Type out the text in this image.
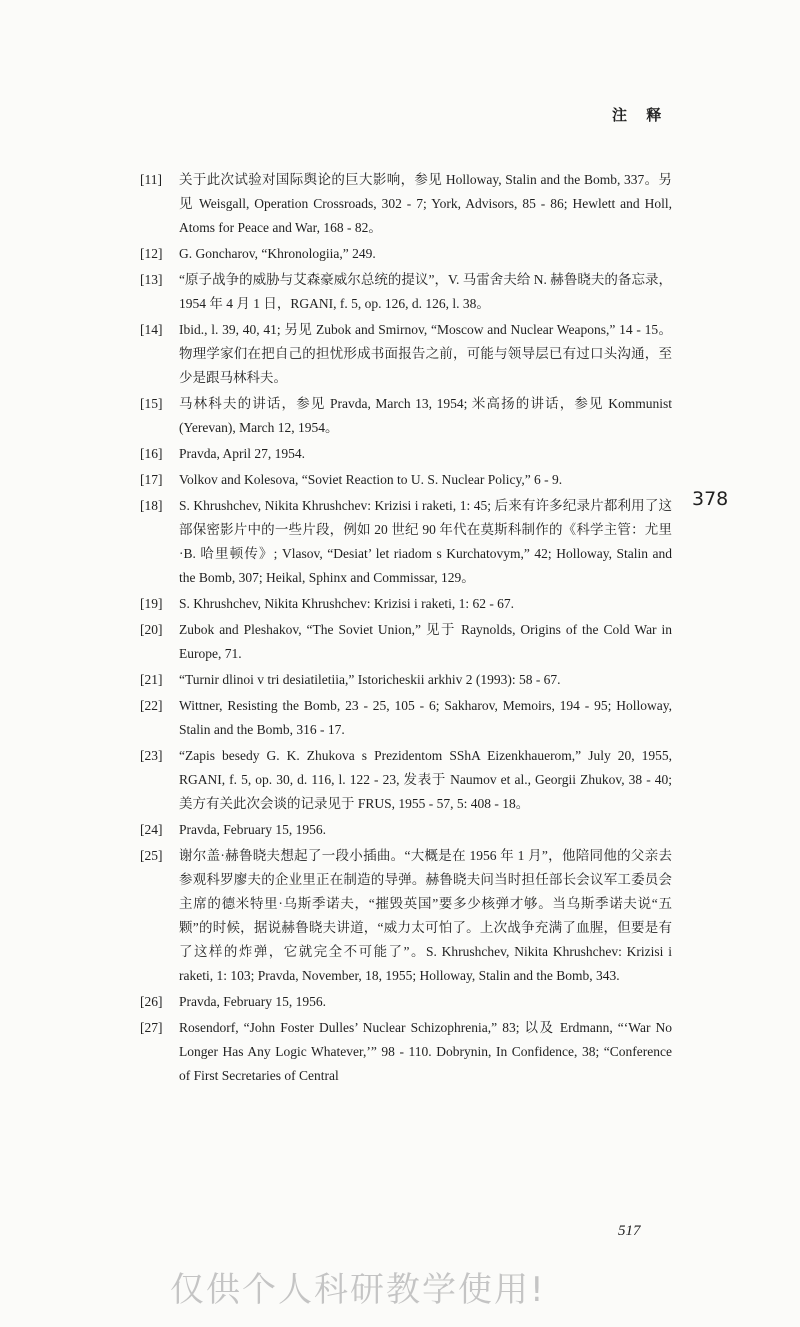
注 释
[11]	关于此次试验对国际舆论的巨大影响，参见 Holloway, Stalin and the Bomb, 337。另见 Weisgall, Operation Crossroads, 302 - 7; York, Advisors, 85 - 86; Hewlett and Holl, Atoms for Peace and War, 168 - 82。
[12]	G. Goncharov, “Khronologiia,” 249.
[13]	“原子战争的威胁与艾森豪威尔总统的提议”，V. 马雷舍夫给 N. 赫鲁晓夫的备忘录，1954 年 4 月 1 日，RGANI, f. 5, op. 126, d. 126, l. 38。
[14]	Ibid., l. 39, 40, 41; 另见 Zubok and Smirnov, “Moscow and Nuclear Weapons,” 14 - 15。物理学家们在把自己的担忧形成书面报告之前，可能与领导层已有过口头沟通，至少是跟马林科夫。
[15]	马林科夫的讲话，参见 Pravda, March 13, 1954; 米高扬的讲话，参见 Kommunist (Yerevan), March 12, 1954。
[16]	Pravda, April 27, 1954.
[17]	Volkov and Kolesova, “Soviet Reaction to U. S. Nuclear Policy,” 6 - 9.
[18]	S. Khrushchev, Nikita Khrushchev: Krizisi i raketi, 1: 45; 后来有许多纪录片都利用了这部保密影片中的一些片段，例如 20 世纪 90 年代在莫斯科制作的《科学主管：尤里·B. 哈里顿传》; Vlasov, “Desiat’ let riadom s Kurchatovym,” 42; Holloway, Stalin and the Bomb, 307; Heikal, Sphinx and Commissar, 129。
[19]	S. Khrushchev, Nikita Khrushchev: Krizisi i raketi, 1: 62 - 67.
[20]	Zubok and Pleshakov, “The Soviet Union,” 见于 Raynolds, Origins of the Cold War in Europe, 71.
[21]	“Turnir dlinoi v tri desiatiletiia,” Istoricheskii arkhiv 2 (1993): 58 - 67.
[22]	Wittner, Resisting the Bomb, 23 - 25, 105 - 6; Sakharov, Memoirs, 194 - 95; Holloway, Stalin and the Bomb, 316 - 17.
[23]	“Zapis besedy G. K. Zhukova s Prezidentom SShA Eizenkhauerom,” July 20, 1955, RGANI, f. 5, op. 30, d. 116, l. 122 - 23, 发表于 Naumov et al., Georgii Zhukov, 38 - 40; 美方有关此次会谈的记录见于 FRUS, 1955 - 57, 5: 408 - 18。
[24]	Pravda, February 15, 1956.
[25]	谢尔盖·赫鲁晓夫想起了一段小插曲。“大概是在 1956 年 1 月”，他陪同他的父亲去参观科罗廖夫的企业里正在制造的导弹。赫鲁晓夫问当时担任部长会议军工委员会主席的德米特里·乌斯季诺夫，“摧毁英国”要多少核弹才够。当乌斯季诺夫说“五颗”的时候，据说赫鲁晓夫讲道，“威力太可怕了。上次战争充满了血腥，但要是有了这样的炸弹，它就完全不可能了”。S. Khrushchev, Nikita Khrushchev: Krizisi i raketi, 1: 103; Pravda, November, 18, 1955; Holloway, Stalin and the Bomb, 343.
[26]	Pravda, February 15, 1956.
[27]	Rosendorf, “John Foster Dulles’ Nuclear Schizophrenia,” 83; 以及 Erdmann, “‘War No Longer Has Any Logic Whatever,’” 98 - 110. Dobrynin, In Confidence, 38; “Conference of First Secretaries of Central
378
517
仅供个人科研教学使用!
